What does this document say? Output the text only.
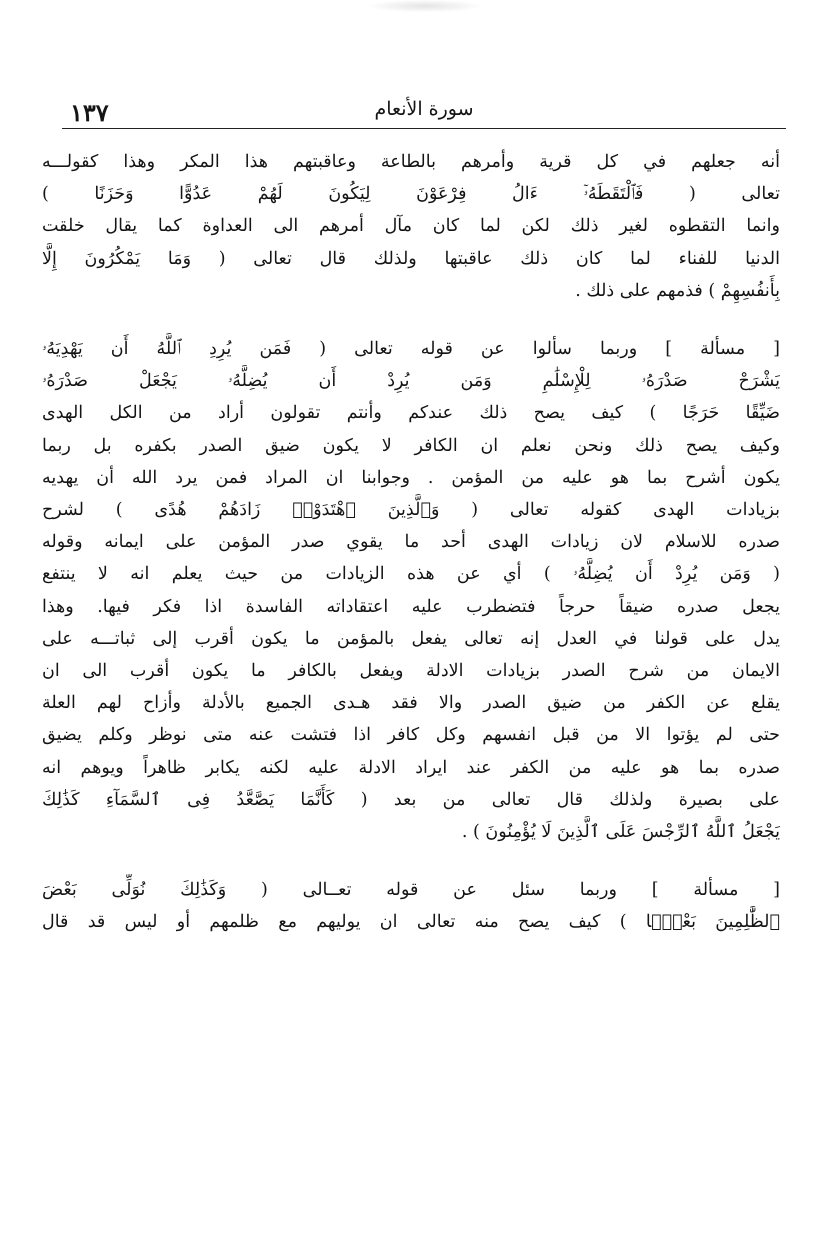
١٣٧	سورة الأنعام

أنه جعلهم في كل قرية وأمرهم بالطاعة وعاقبتهم هذا المكر وهذا كقولـــه
تعالى ( فَٱلْتَقَطَهُۥٓ ءَالُ فِرْعَوْنَ لِيَكُونَ لَهُمْ عَدُوًّا وَحَزَنًا )
وانما التقطوه لغير ذلك لكن لما كان مآل أمرهم الى العداوة كما يقال خلقت
الدنيا للفناء لما كان ذلك عاقبتها ولذلك قال تعالى ( وَمَا يَمْكُرُونَ إِلَّا
بِأَنفُسِهِمْ ) فذمهم على ذلك .

[ مسألة ] وربما سألوا عن قوله تعالى ( فَمَن يُرِدِ ٱللَّهُ أَن يَهْدِيَهُۥ
يَشْرَحْ صَدْرَهُۥ لِلْإِسْلَٰمِ وَمَن يُرِدْ أَن يُضِلَّهُۥ يَجْعَلْ صَدْرَهُۥ
ضَيِّقًا حَرَجًا ) كيف يصح ذلك عندكم وأنتم تقولون أراد من الكل الهدى
وكيف يصح ذلك ونحن نعلم ان الكافر لا يكون ضيق الصدر بكفره بل ربما
يكون أشرح بما هو عليه من المؤمن . وجوابنا ان المراد فمن يرد الله أن يهديه
بزيادات الهدى كقوله تعالى ( وَٱلَّذِينَ ٱهْتَدَوْا۟ زَادَهُمْ هُدًى ) لشرح
صدره للاسلام لان زيادات الهدى أحد ما يقوي صدر المؤمن على ايمانه وقوله
( وَمَن يُرِدْ أَن يُضِلَّهُۥ ) أي عن هذه الزيادات من حيث يعلم انه لا ينتفع
يجعل صدره ضيقاً حرجاً فتضطرب عليه اعتقاداته الفاسدة اذا فكر فيها. وهذا
يدل على قولنا في العدل إنه تعالى يفعل بالمؤمن ما يكون أقرب إلى ثباتـــه على
الايمان من شرح الصدر بزيادات الادلة ويفعل بالكافر ما يكون أقرب الى ان
يقلع عن الكفر من ضيق الصدر والا فقد هـدى الجميع بالأدلة وأزاح لهم العلة
حتى لم يؤتوا الا من قبل انفسهم وكل كافر اذا فتشت عنه متى نوظر وكلم يضيق
صدره بما هو عليه من الكفر عند ايراد الادلة عليه لكنه يكابر ظاهراً ويوهم انه
على بصيرة ولذلك قال تعالى من بعد ( كَأَنَّمَا يَصَّعَّدُ فِى ٱلسَّمَآءِ كَذَٰلِكَ
يَجْعَلُ ٱللَّهُ ٱلرِّجْسَ عَلَى ٱلَّذِينَ لَا يُؤْمِنُونَ ) .

[ مسألة ] وربما سئل عن قوله تعــالى ( وَكَذَٰلِكَ نُوَلِّى بَعْضَ
ٱلظَّٰلِمِينَ بَعْضًۢا ) كيف يصح منه تعالى ان يوليهم مع ظلمهم أو ليس قد قال
